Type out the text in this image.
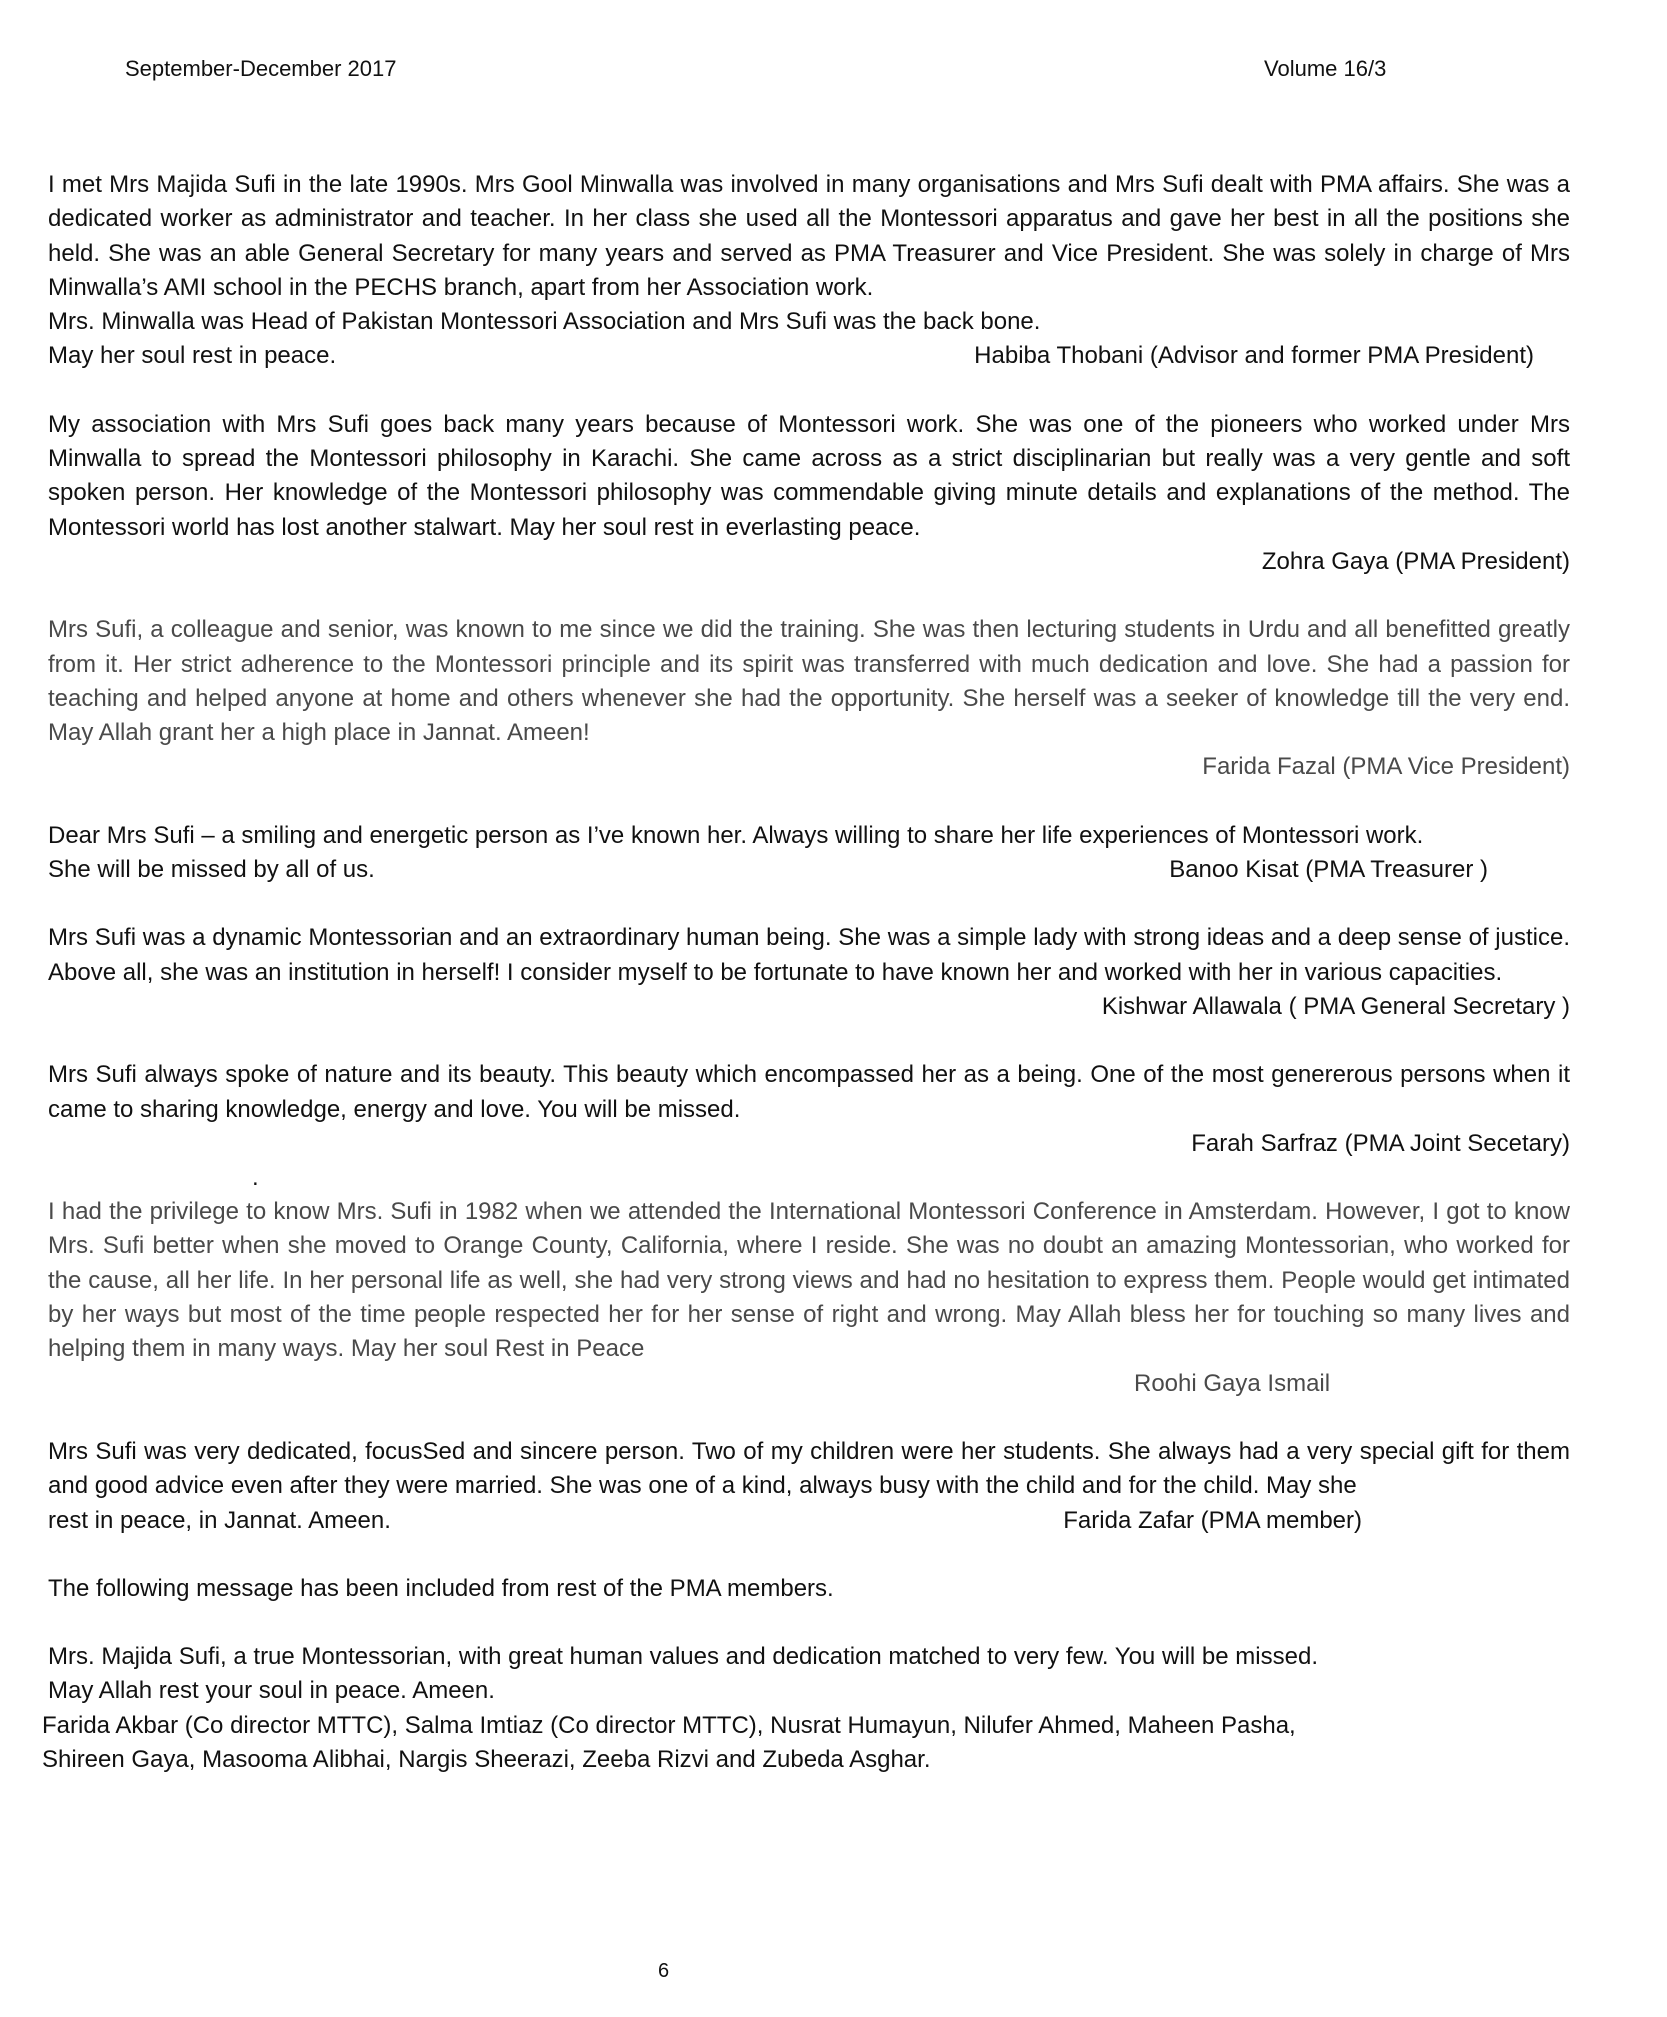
September-December 2017	Volume 16/3

I met Mrs Majida Sufi in the late 1990s. Mrs Gool Minwalla was involved in many organisations and Mrs Sufi dealt with PMA affairs. She was a dedicated worker as administrator and teacher. In her class she used all the Montessori apparatus and gave her best in all the positions she held. She was an able General Secretary for many years and served as PMA Treasurer and Vice President. She was solely in charge of Mrs Minwalla’s AMI school in the PECHS branch, apart from her Association work.

Mrs. Minwalla was Head of Pakistan Montessori Association and Mrs Sufi was the back bone.

May her soul rest in peace.	Habiba Thobani (Advisor and former PMA President)

My association with Mrs Sufi goes back many years because of Montessori work. She was one of the pioneers who worked under Mrs Minwalla to spread the Montessori philosophy in Karachi. She came across as a strict disciplinarian but really was a very gentle and soft spoken person. Her knowledge of the Montessori philosophy was commendable giving minute details and explanations of the method. The Montessori world has lost another stalwart. May her soul rest in everlasting peace.

Zohra Gaya (PMA President)

Mrs Sufi, a colleague and senior, was known to me since we did the training. She was then lecturing students in Urdu and all benefitted greatly from it. Her strict adherence to the Montessori principle and its spirit was transferred with much dedication and love. She had a passion for teaching and helped anyone at home and others whenever she had the opportunity. She herself was a seeker of knowledge till the very end. May Allah grant her a high place in Jannat. Ameen!

Farida Fazal (PMA Vice President)

Dear Mrs Sufi – a smiling and energetic person as I’ve known her. Always willing to share her life experiences of Montessori work.

She will be missed by all of us.	Banoo Kisat (PMA Treasurer )

Mrs Sufi was a dynamic Montessorian and an extraordinary human being. She was a simple lady with strong ideas and a deep sense of justice. Above all, she was an institution in herself! I consider myself to be fortunate to have known her and worked with her in various capacities.

Kishwar Allawala ( PMA General Secretary )

Mrs Sufi always spoke of nature and its beauty. This beauty which encompassed her as a being. One of the most genererous persons when it came to sharing knowledge, energy and love. You will be missed.

Farah Sarfraz (PMA Joint Secetary)

.

I had the privilege to know Mrs. Sufi in 1982 when we attended the International Montessori Conference in Amsterdam. However, I got to know Mrs. Sufi better when she moved to Orange County, California, where I reside. She was no doubt an amazing Montessorian, who worked for the cause, all her life. In her personal life as well, she had very strong views and had no hesitation to express them. People would get intimated by her ways but most of the time people respected her for her sense of right and wrong. May Allah bless her for touching so many lives and helping them in many ways. May her soul Rest in Peace

Roohi Gaya Ismail

Mrs Sufi was very dedicated, focusSed and sincere person. Two of my children were her students. She always had a very special gift for them and good advice even after they were married. She was one of a kind, always busy with the child and for the child. May she

rest in peace, in Jannat. Ameen.	Farida Zafar (PMA member)

The following message has been included from rest of the PMA members.

Mrs. Majida Sufi, a true Montessorian, with great human values and dedication matched to very few. You will be missed. May Allah rest your soul in peace. Ameen.

Farida Akbar (Co director MTTC), Salma Imtiaz (Co director MTTC), Nusrat Humayun, Nilufer Ahmed, Maheen Pasha,

Shireen Gaya, Masooma Alibhai, Nargis Sheerazi, Zeeba Rizvi and Zubeda Asghar.

6
